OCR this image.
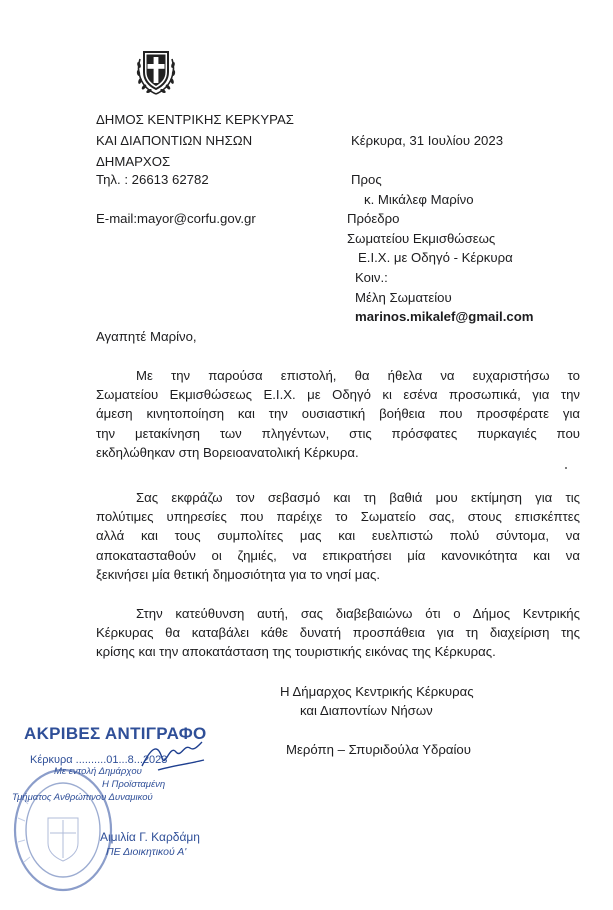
ΔΗΜΟΣ ΚΕΝΤΡΙΚΗΣ ΚΕΡΚΥΡΑΣ
ΚΑΙ ΔΙΑΠΟΝΤΙΩΝ ΝΗΣΩΝ
ΔΗΜΑΡΧΟΣ
Τηλ. : 26613 62782
E-mail:mayor@corfu.gov.gr
Κέρκυρα, 31 Ιουλίου 2023
Προς
κ. Μικάλεφ Μαρίνο
Πρόεδρο
Σωματείου Εκμισθώσεως
Ε.Ι.Χ. με Οδηγό - Κέρκυρα
Κοιν.:
Μέλη Σωματείου
marinos.mikalef@gmail.com
Αγαπητέ Μαρίνο,
Με την παρούσα επιστολή, θα ήθελα να ευχαριστήσω το
Σωματείου Εκμισθώσεως Ε.Ι.Χ. με Οδηγό κι εσένα προσωπικά, για την
άμεση κινητοποίηση και την ουσιαστική βοήθεια που προσφέρατε για
την μετακίνηση των πληγέντων, στις πρόσφατες πυρκαγιές που
εκδηλώθηκαν στη Βορειοανατολική Κέρκυρα.
Σας εκφράζω τον σεβασμό και τη βαθιά μου εκτίμηση για τις
πολύτιμες υπηρεσίες που παρέιχε το Σωματείο σας, στους επισκέπτες
αλλά και τους συμπολίτες μας και ευελπιστώ πολύ σύντομα, να
αποκατασταθούν οι ζημιές, να επικρατήσει μία κανονικότητα και να
ξεκινήσει μία θετική δημοσιότητα για το νησί μας.
Στην κατεύθυνση αυτή, σας διαβεβαιώνω ότι ο Δήμος Κεντρικής
Κέρκυρας θα καταβάλει κάθε δυνατή προσπάθεια για τη διαχείριση της
κρίσης και την αποκατάσταση της τουριστικής εικόνας της Κέρκυρας.
Η Δήμαρχος Κεντρικής Κέρκυρας
και Διαποντίων Νήσων
Μερόπη – Σπυριδούλα Υδραίου
ΑΚΡΙΒΕΣ ΑΝΤΙΓΡΑΦΟ
Κέρκυρα ..........01...8...2023
Με εντολή Δημάρχου
Η Προϊσταμένη
Τμήματος Ανθρώπινου Δυναμικού
Αιμιλία Γ. Καρδάμη
ΠΕ Διοικητικού Α'
